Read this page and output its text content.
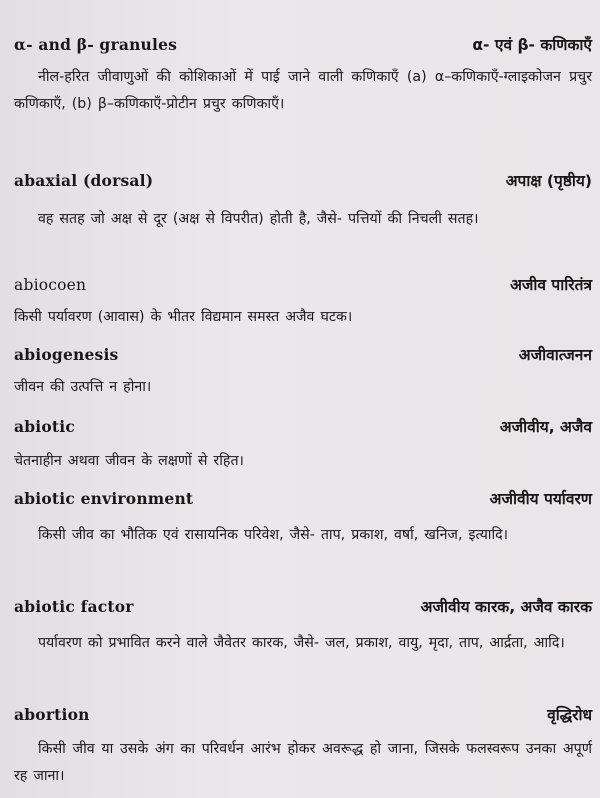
α- and β- granules	α- एवं β- कणिकाएँ

नील-हरित जीवाणुओं की कोशिकाओं में पाई जाने वाली कणिकाएँ (a) α–कणिकाएँ-ग्लाइकोजन प्रचुर कणिकाएँ, (b) β–कणिकाएँ-प्रोटीन प्रचुर कणिकाएँ।

abaxial (dorsal)	अपाक्ष (पृष्ठीय)

वह सतह जो अक्ष से दूर (अक्ष से विपरीत) होती है, जैसे- पत्तियों की निचली सतह।

abiocoen	अजीव पारितंत्र

किसी पर्यावरण (आवास) के भीतर विद्यमान समस्त अजैव घटक।

abiogenesis	अजीवात्जनन

जीवन की उत्पत्ति न होना।

abiotic	अजीवीय, अजैव

चेतनाहीन अथवा जीवन के लक्षणों से रहित।

abiotic environment	अजीवीय पर्यावरण

किसी जीव का भौतिक एवं रासायनिक परिवेश, जैसे- ताप, प्रकाश, वर्षा, खनिज, इत्यादि।

abiotic factor	अजीवीय कारक, अजैव कारक

पर्यावरण को प्रभावित करने वाले जैवेतर कारक, जैसे- जल, प्रकाश, वायु, मृदा, ताप, आर्द्रता, आदि।

abortion	वृद्धिरोध

किसी जीव या उसके अंग का परिवर्धन आरंभ होकर अवरूद्ध हो जाना, जिसके फलस्वरूप उनका अपूर्ण रह जाना।
